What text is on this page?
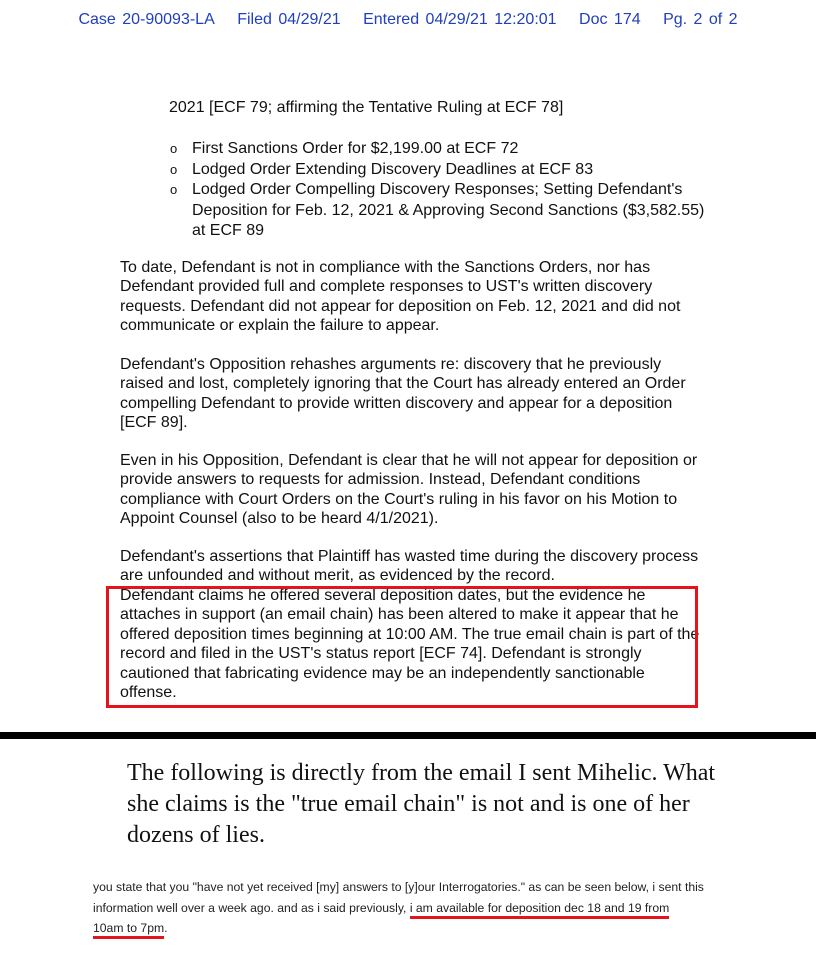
Case 20-90093-LA Filed 04/29/21 Entered 04/29/21 12:20:01 Doc 174 Pg. 2 of 2
2021 [ECF 79; affirming the Tentative Ruling at ECF 78]
o First Sanctions Order for $2,199.00 at ECF 72
o Lodged Order Extending Discovery Deadlines at ECF 83
o Lodged Order Compelling Discovery Responses; Setting Defendant's Deposition for Feb. 12, 2021 & Approving Second Sanctions ($3,582.55) at ECF 89

To date, Defendant is not in compliance with the Sanctions Orders, nor has Defendant provided full and complete responses to UST's written discovery requests. Defendant did not appear for deposition on Feb. 12, 2021 and did not communicate or explain the failure to appear.

Defendant's Opposition rehashes arguments re: discovery that he previously raised and lost, completely ignoring that the Court has already entered an Order compelling Defendant to provide written discovery and appear for a deposition [ECF 89].

Even in his Opposition, Defendant is clear that he will not appear for deposition or provide answers to requests for admission. Instead, Defendant conditions compliance with Court Orders on the Court's ruling in his favor on his Motion to Appoint Counsel (also to be heard 4/1/2021).

Defendant's assertions that Plaintiff has wasted time during the discovery process are unfounded and without merit, as evidenced by the record.

Defendant claims he offered several deposition dates, but the evidence he attaches in support (an email chain) has been altered to make it appear that he offered deposition times beginning at 10:00 AM. The true email chain is part of the record and filed in the UST's status report [ECF 74]. Defendant is strongly cautioned that fabricating evidence may be an independently sanctionable offense.

The following is directly from the email I sent Mihelic. What she claims is the "true email chain" is not and is one of her dozens of lies.
you state that you "have not yet received [my] answers to [y]our Interrogatories." as can be seen below, i sent this information well over a week ago. and as i said previously, i am available for deposition dec 18 and 19 from
10am to 7pm.
